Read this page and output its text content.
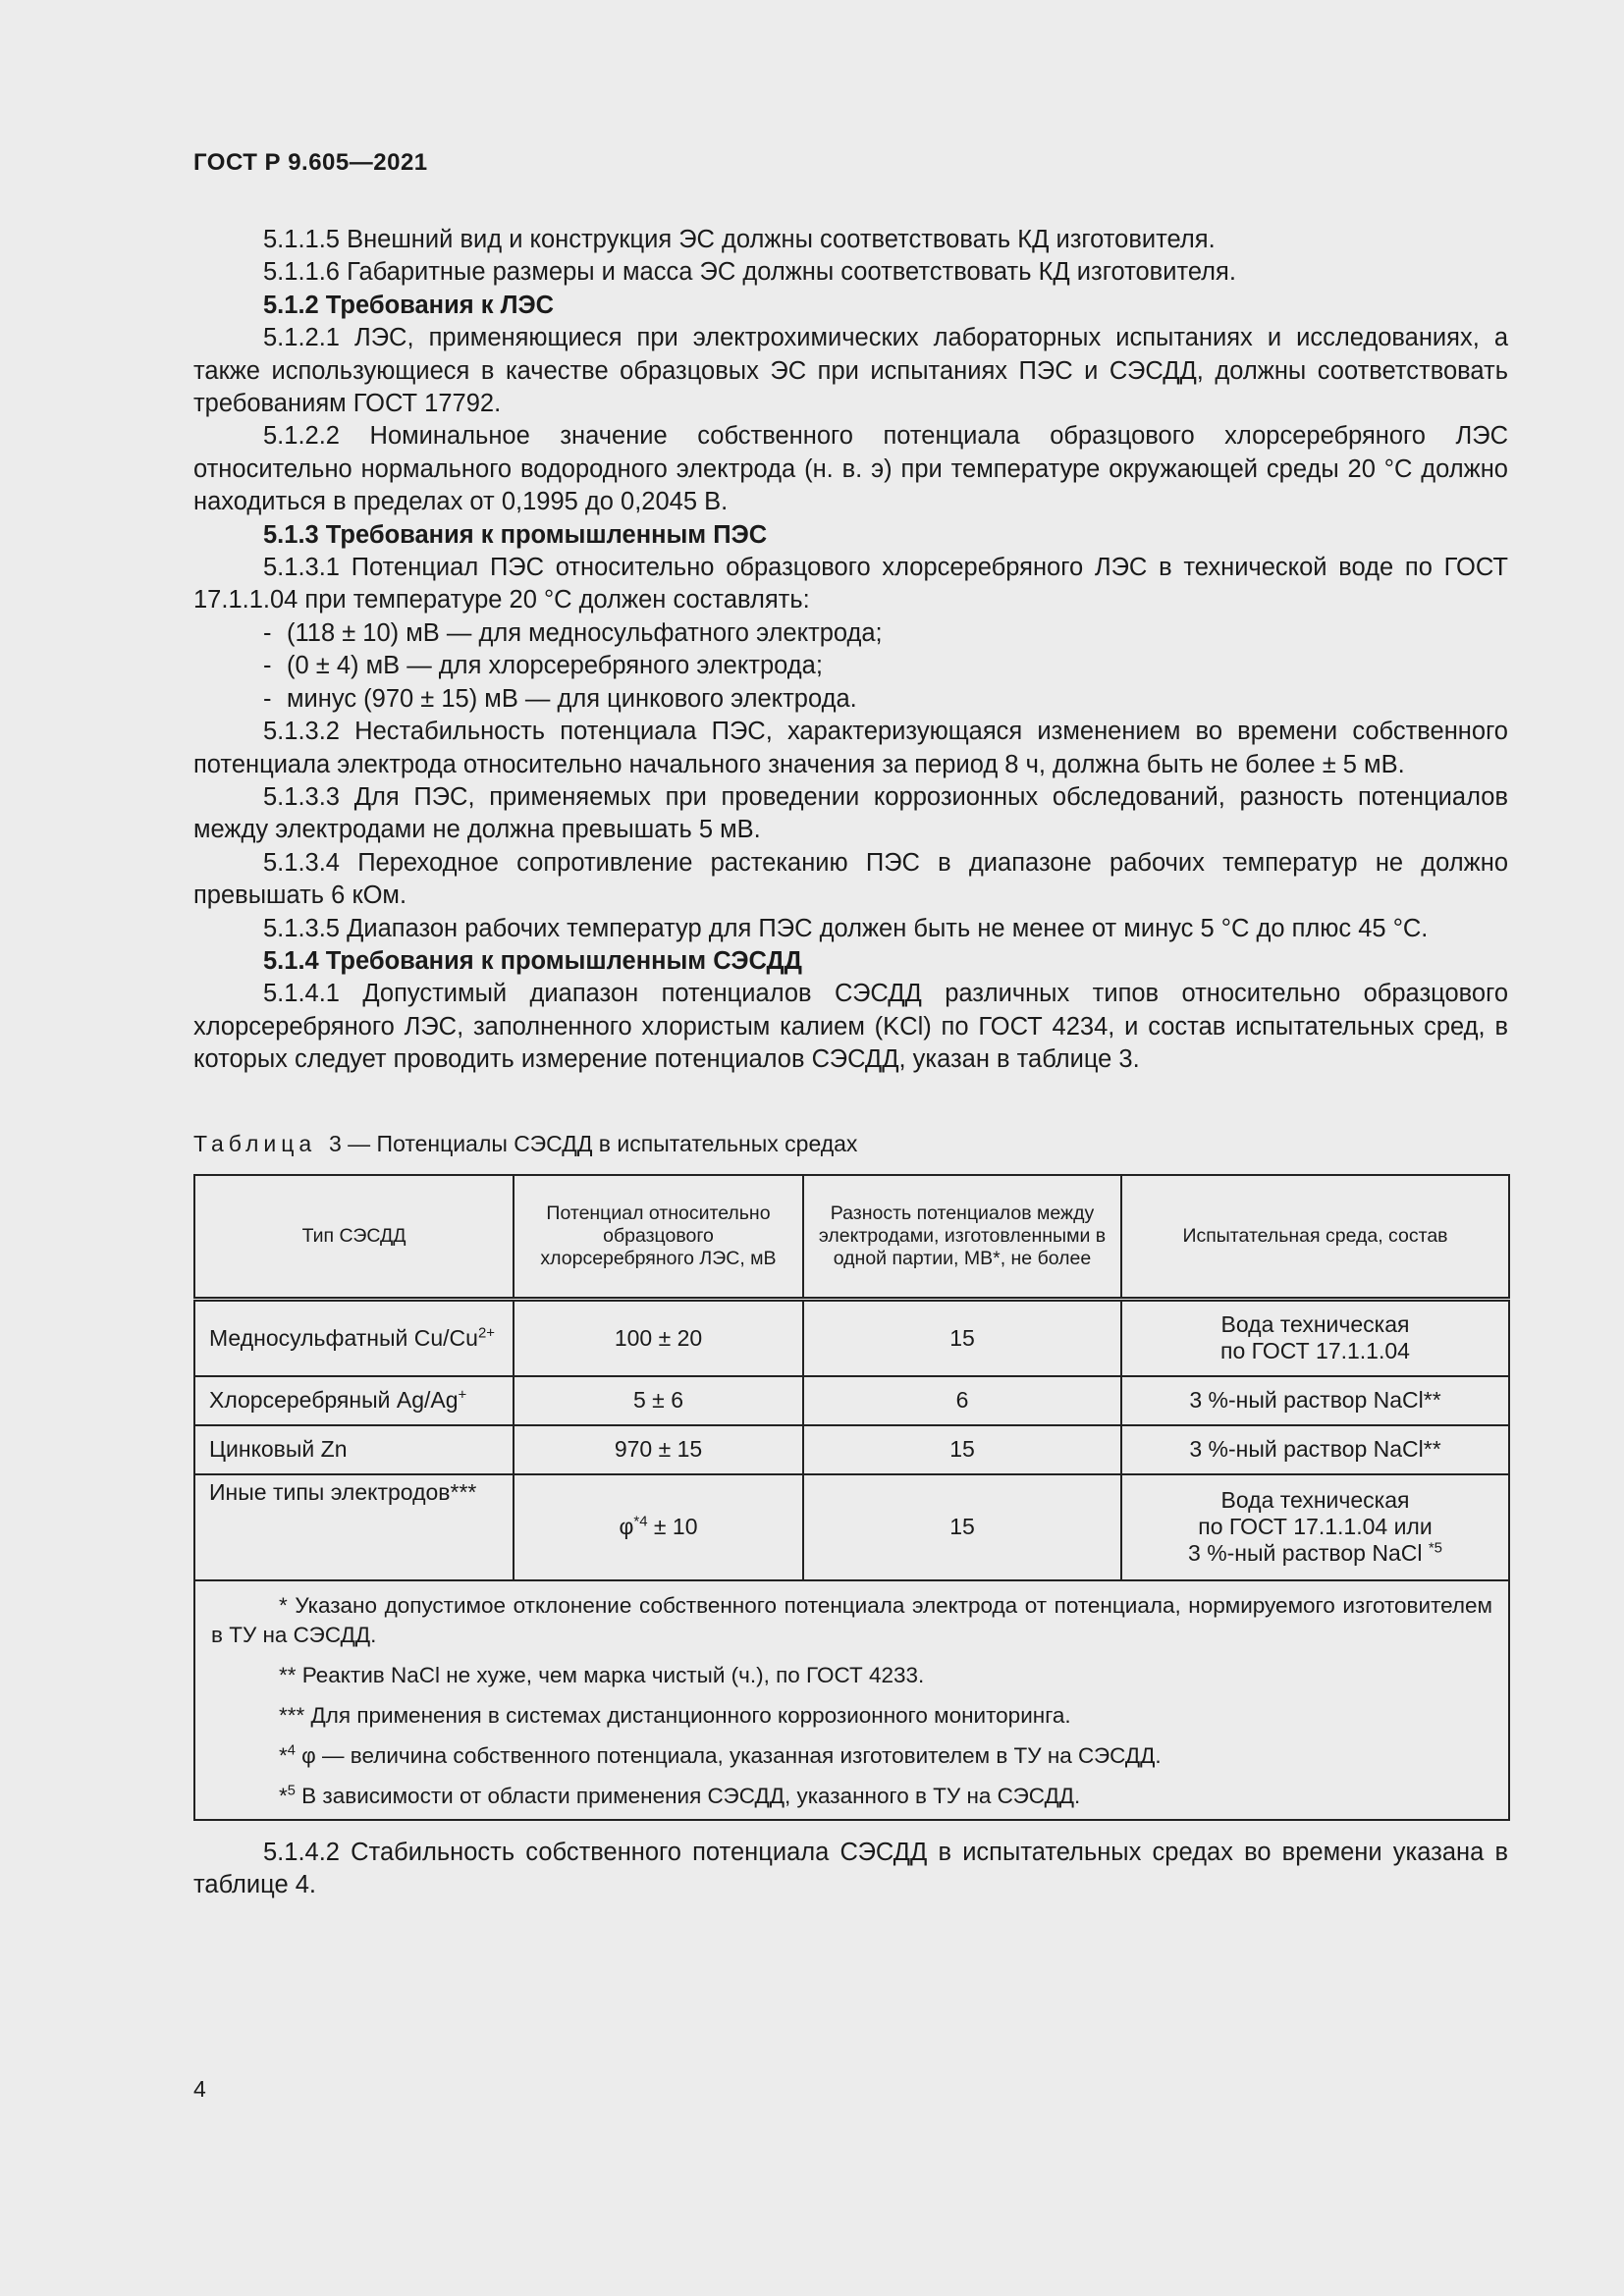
ГОСТ Р 9.605—2021

5.1.1.5 Внешний вид и конструкция ЭС должны соответствовать КД изготовителя.

5.1.1.6 Габаритные размеры и масса ЭС должны соответствовать КД изготовителя.

5.1.2 Требования к ЛЭС

5.1.2.1 ЛЭС, применяющиеся при электрохимических лабораторных испытаниях и исследованиях, а также использующиеся в качестве образцовых ЭС при испытаниях ПЭС и СЭСДД, должны соответствовать требованиям ГОСТ 17792.

5.1.2.2 Номинальное значение собственного потенциала образцового хлорсеребряного ЛЭС относительно нормального водородного электрода (н. в. э) при температуре окружающей среды 20 °С должно находиться в пределах от 0,1995 до 0,2045 В.

5.1.3 Требования к промышленным ПЭС

5.1.3.1 Потенциал ПЭС относительно образцового хлорсеребряного ЛЭС в технической воде по ГОСТ 17.1.1.04 при температуре 20 °С должен составлять:

- (118 ± 10) мВ — для медносульфатного электрода;

- (0 ± 4) мВ — для хлорсеребряного электрода;

- минус (970 ± 15) мВ — для цинкового электрода.

5.1.3.2 Нестабильность потенциала ПЭС, характеризующаяся изменением во времени собственного потенциала электрода относительно начального значения за период 8 ч, должна быть не более ± 5 мВ.

5.1.3.3 Для ПЭС, применяемых при проведении коррозионных обследований, разность потенциалов между электродами не должна превышать 5 мВ.

5.1.3.4 Переходное сопротивление растеканию ПЭС в диапазоне рабочих температур не должно превышать 6 кОм.

5.1.3.5 Диапазон рабочих температур для ПЭС должен быть не менее от минус 5 °С до плюс 45 °С.

5.1.4 Требования к промышленным СЭСДД

5.1.4.1 Допустимый диапазон потенциалов СЭСДД различных типов относительно образцового хлорсеребряного ЛЭС, заполненного хлористым калием (KCl) по ГОСТ 4234, и состав испытательных сред, в которых следует проводить измерение потенциалов СЭСДД, указан в таблице 3.

Таблица 3 — Потенциалы СЭСДД в испытательных средах
Тип СЭСДД	Потенциал относительно образцового хлорсеребряного ЛЭС, мВ	Разность потенциалов между электродами, изготовленными в одной партии, МВ*, не более	Испытательная среда, состав
Медносульфатный $Cu/Cu^{2+}$	100 ± 20	15	Вода техническая
по ГОСТ 17.1.1.04
Хлорсеребряный Ag/Ag+	5 ± 6	6	3 %-ный раствор NaCl**
Цинковый Zn	970 ± 15	15	3 %-ный раствор NaCl**
Иные типы электродов***	$\varphi^{*4} \pm 10$	15	Вода техническая
по ГОСТ 17.1.1.04 или
3 %-ный раствор NaCl $^{*5}$

* Указано допустимое отклонение собственного потенциала электрода от потенциала, нормируемого изготовителем в ТУ на СЭСДД.

** Реактив NaCl не хуже, чем марка чистый (ч.), по ГОСТ 4233.

*** Для применения в системах дистанционного коррозионного мониторинга.

*$^4$ φ — величина собственного потенциала, указанная изготовителем в ТУ на СЭСДД.

*$^5$ В зависимости от области применения СЭСДД, указанного в ТУ на СЭСДД.			

5.1.4.2 Стабильность собственного потенциала СЭСДД в испытательных средах во времени указана в таблице 4.

4
